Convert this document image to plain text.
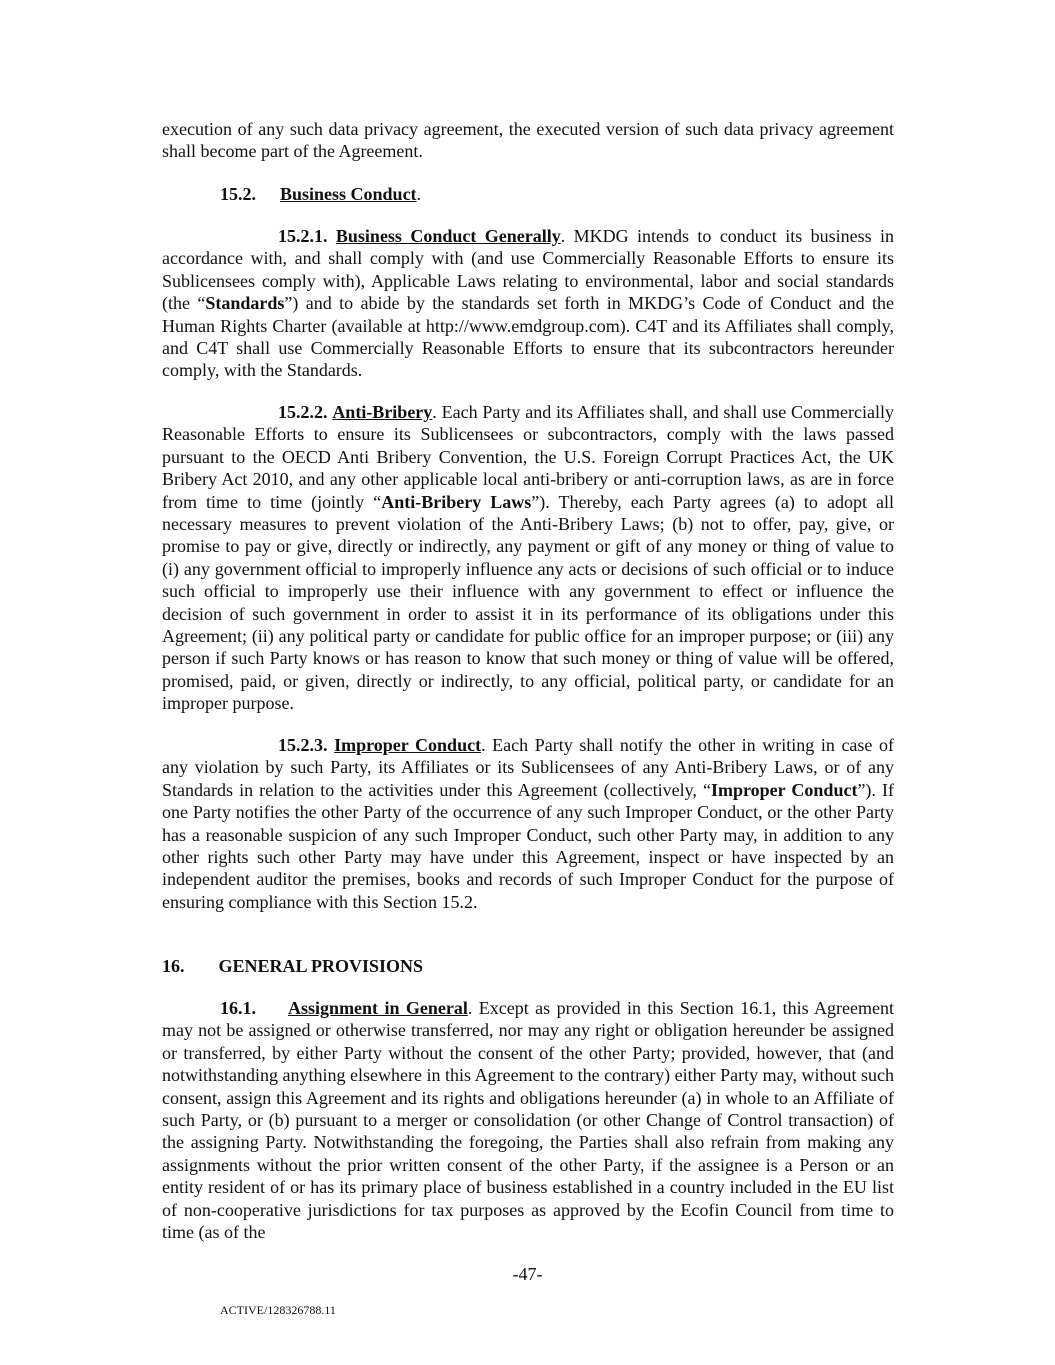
execution of any such data privacy agreement, the executed version of such data privacy agreement shall become part of the Agreement.

15.2. Business Conduct.

15.2.1. Business Conduct Generally. MKDG intends to conduct its business in accordance with, and shall comply with (and use Commercially Reasonable Efforts to ensure its Sublicensees comply with), Applicable Laws relating to environmental, labor and social standards (the “Standards”) and to abide by the standards set forth in MKDG’s Code of Conduct and the Human Rights Charter (available at http://www.emdgroup.com). C4T and its Affiliates shall comply, and C4T shall use Commercially Reasonable Efforts to ensure that its subcontractors hereunder comply, with the Standards.

15.2.2. Anti-Bribery. Each Party and its Affiliates shall, and shall use Commercially Reasonable Efforts to ensure its Sublicensees or subcontractors, comply with the laws passed pursuant to the OECD Anti Bribery Convention, the U.S. Foreign Corrupt Practices Act, the UK Bribery Act 2010, and any other applicable local anti-bribery or anti-corruption laws, as are in force from time to time (jointly “Anti-Bribery Laws”). Thereby, each Party agrees (a) to adopt all necessary measures to prevent violation of the Anti-Bribery Laws; (b) not to offer, pay, give, or promise to pay or give, directly or indirectly, any payment or gift of any money or thing of value to (i) any government official to improperly influence any acts or decisions of such official or to induce such official to improperly use their influence with any government to effect or influence the decision of such government in order to assist it in its performance of its obligations under this Agreement; (ii) any political party or candidate for public office for an improper purpose; or (iii) any person if such Party knows or has reason to know that such money or thing of value will be offered, promised, paid, or given, directly or indirectly, to any official, political party, or candidate for an improper purpose.

15.2.3. Improper Conduct. Each Party shall notify the other in writing in case of any violation by such Party, its Affiliates or its Sublicensees of any Anti-Bribery Laws, or of any Standards in relation to the activities under this Agreement (collectively, “Improper Conduct”). If one Party notifies the other Party of the occurrence of any such Improper Conduct, or the other Party has a reasonable suspicion of any such Improper Conduct, such other Party may, in addition to any other rights such other Party may have under this Agreement, inspect or have inspected by an independent auditor the premises, books and records of such Improper Conduct for the purpose of ensuring compliance with this Section 15.2.

16. GENERAL PROVISIONS

16.1. Assignment in General. Except as provided in this Section 16.1, this Agreement may not be assigned or otherwise transferred, nor may any right or obligation hereunder be assigned or transferred, by either Party without the consent of the other Party; provided, however, that (and notwithstanding anything elsewhere in this Agreement to the contrary) either Party may, without such consent, assign this Agreement and its rights and obligations hereunder (a) in whole to an Affiliate of such Party, or (b) pursuant to a merger or consolidation (or other Change of Control transaction) of the assigning Party. Notwithstanding the foregoing, the Parties shall also refrain from making any assignments without the prior written consent of the other Party, if the assignee is a Person or an entity resident of or has its primary place of business established in a country included in the EU list of non-cooperative jurisdictions for tax purposes as approved by the Ecofin Council from time to time (as of the

-47-
ACTIVE/128326788.11
